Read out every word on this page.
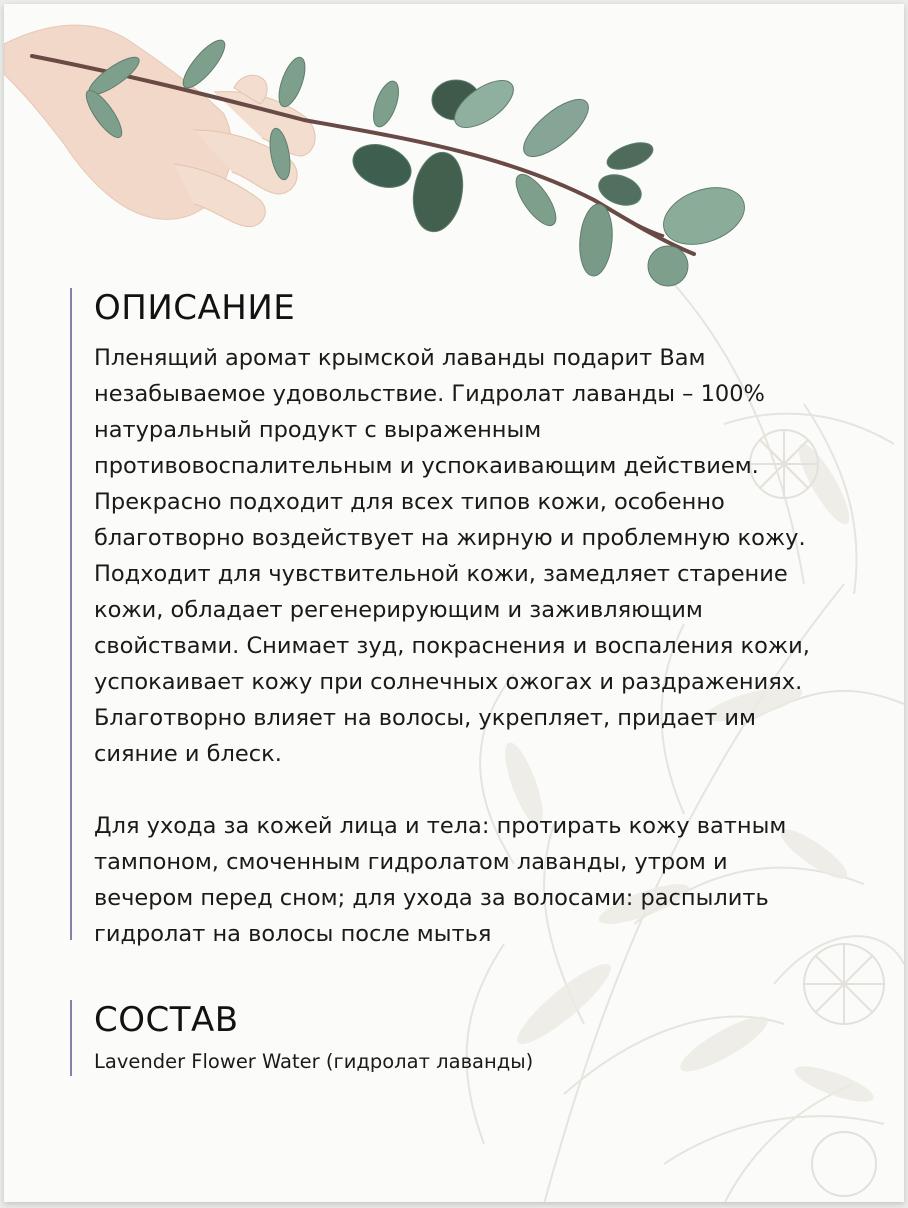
ОПИСАНИЕ

Пленящий аромат крымской лаванды подарит Вам незабываемое удовольствие. Гидролат лаванды – 100% натуральный продукт с выраженным противовоспалительным и успокаивающим действием. Прекрасно подходит для всех типов кожи, особенно благотворно воздействует на жирную и проблемную кожу. Подходит для чувствительной кожи, замедляет старение кожи, обладает регенерирующим и заживляющим свойствами. Снимает зуд, покраснения и воспаления кожи, успокаивает кожу при солнечных ожогах и раздражениях. Благотворно влияет на волосы, укрепляет, придает им сияние и блеск.

Для ухода за кожей лица и тела: протирать кожу ватным тампоном, смоченным гидролатом лаванды, утром и вечером перед сном; для ухода за волосами: распылить гидролат на волосы после мытья

СОСТАВ

Lavender Flower Water (гидролат лаванды)
